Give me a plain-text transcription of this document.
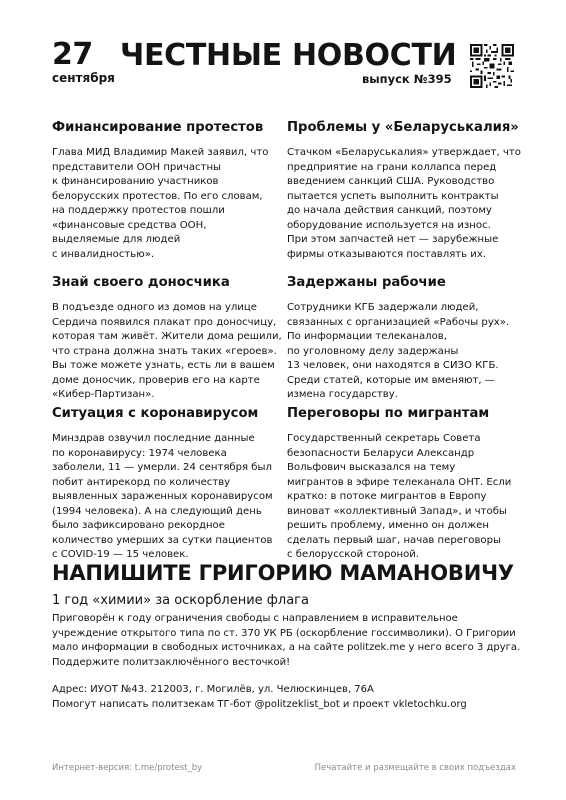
27
сентября
ЧЕСТНЫЕ НОВОСТИ
выпуск №395
Финансирование протестов
Глава МИД Владимир Макей заявил, что
представители ООН причастны
к финансированию участников
белорусских протестов. По его словам,
на поддержку протестов пошли
«финансовые средства ООН,
выделяемые для людей
с инвалидностью».
Проблемы у «Беларуськалия»
Стачком «Беларуськалия» утверждает, что
предприятие на грани коллапса перед
введением санкций США. Руководство
пытается успеть выполнить контракты
до начала действия санкций, поэтому
оборудование используется на износ.
При этом запчастей нет — зарубежные
фирмы отказываются поставлять их.
Знай своего доносчика
В подъезде одного из домов на улице
Сердича появился плакат про доносчицу,
которая там живёт. Жители дома решили,
что страна должна знать таких «героев».
Вы тоже можете узнать, есть ли в вашем
доме доносчик, проверив его на карте
«Кибер-Партизан».
Задержаны рабочие
Сотрудники КГБ задержали людей,
связанных с организацией «Рабочы рух».
По информации телеканалов,
по уголовному делу задержаны
13 человек, они находятся в СИЗО КГБ.
Среди статей, которые им вменяют, —
измена государству.
Ситуация с коронавирусом
Минздрав озвучил последние данные
по коронавирусу: 1974 человека
заболели, 11 — умерли. 24 сентября был
побит антирекорд по количеству
выявленных зараженных коронавирусом
(1994 человека). А на следующий день
было зафиксировано рекордное
количество умерших за сутки пациентов
с COVID-19 — 15 человек.
Переговоры по мигрантам
Государственный секретарь Совета
безопасности Беларуси Александр
Вольфович высказался на тему
мигрантов в эфире телеканала ОНТ. Если
кратко: в потоке мигрантов в Европу
виноват «коллективный Запад», и чтобы
решить проблему, именно он должен
сделать первый шаг, начав переговоры
с белорусской стороной.
НАПИШИТЕ ГРИГОРИЮ МАМАНОВИЧУ
1 год «химии» за оскорбление флага
Приговорён к году ограничения свободы с направлением в исправительное
учреждение открытого типа по ст. 370 УК РБ (оскорбление госсимволики). О Григории
мало информации в свободных источниках, а на сайте politzek.me у него всего 3 друга.
Поддержите политзаключённого весточкой!
Адрес: ИУОТ №43. 212003, г. Могилёв, ул. Челюскинцев, 76А
Помогут написать политзекам ТГ-бот @politzeklist_bot и проект vkletochku.org
Интернет-версия: t.me/protest_by	Печатайте и размещайте в своих подъездах
